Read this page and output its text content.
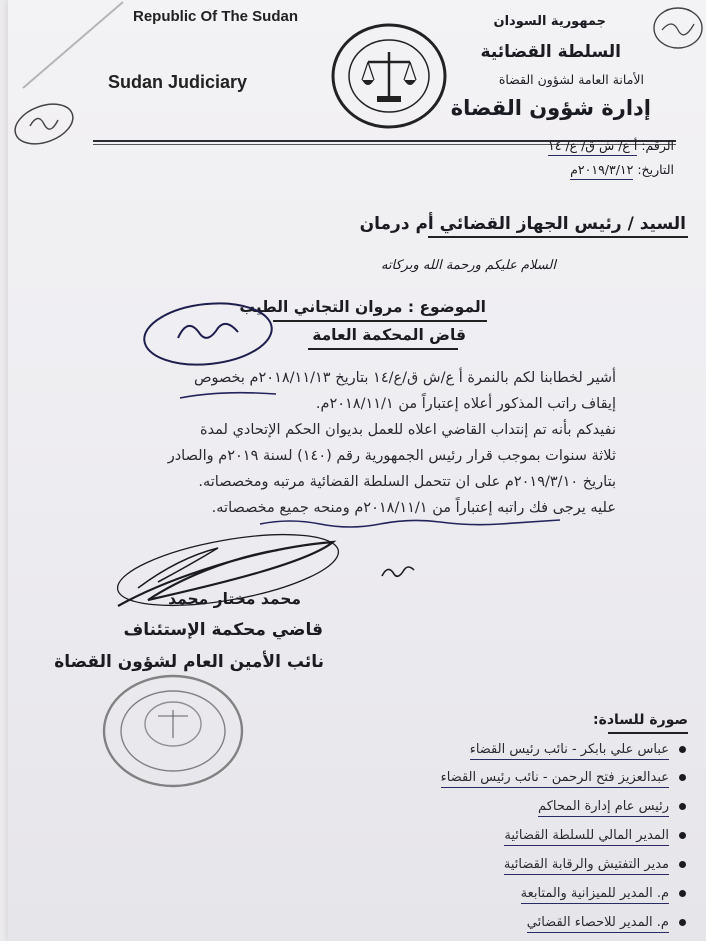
Republic Of The Sudan
Sudan Judiciary
جمهورية السودان
السلطة القضائية
الأمانة العامة لشؤون القضاة
إدارة شؤون القضاة
الرقم: أ ع/ ش ق/ ع/ ١٤
التاريخ: ٢٠١٩/٣/١٢م
السيد / رئيس الجهاز القضائي أم درمان
السلام عليكم ورحمة الله وبركاته
الموضوع : مروان التجاني الطيب
قاض المحكمة العامة
أشير لخطابنا لكم بالنمرة أ ع/ش ق/ع/١٤ بتاريخ ٢٠١٨/١١/١٣م بخصوص
إيقاف راتب المذكور أعلاه إعتباراً من ٢٠١٨/١١/١م.
نفيدكم بأنه تم إنتداب القاضي اعلاه للعمل بديوان الحكم الإتحادي لمدة
ثلاثة سنوات بموجب قرار رئيس الجمهورية رقم (١٤٠) لسنة ٢٠١٩م والصادر
بتاريخ ٢٠١٩/٣/١٠م على ان تتحمل السلطة القضائية مرتبه ومخصصاته.
عليه يرجى فك راتبه إعتباراً من ٢٠١٨/١١/١م ومنحه جميع مخصصاته.
محمد مختار محمد
قاضي محكمة الإستئناف
نائب الأمين العام لشؤون القضاة
صورة للسادة:
عباس علي بابكر - نائب رئيس القضاء
عبدالعزيز فتح الرحمن - نائب رئيس القضاء
رئيس عام إدارة المحاكم
المدير المالي للسلطة القضائية
مدير التفتيش والرقابة القضائية
م. المدير للميزانية والمتابعة
م. المدير للاحصاء القضائي
